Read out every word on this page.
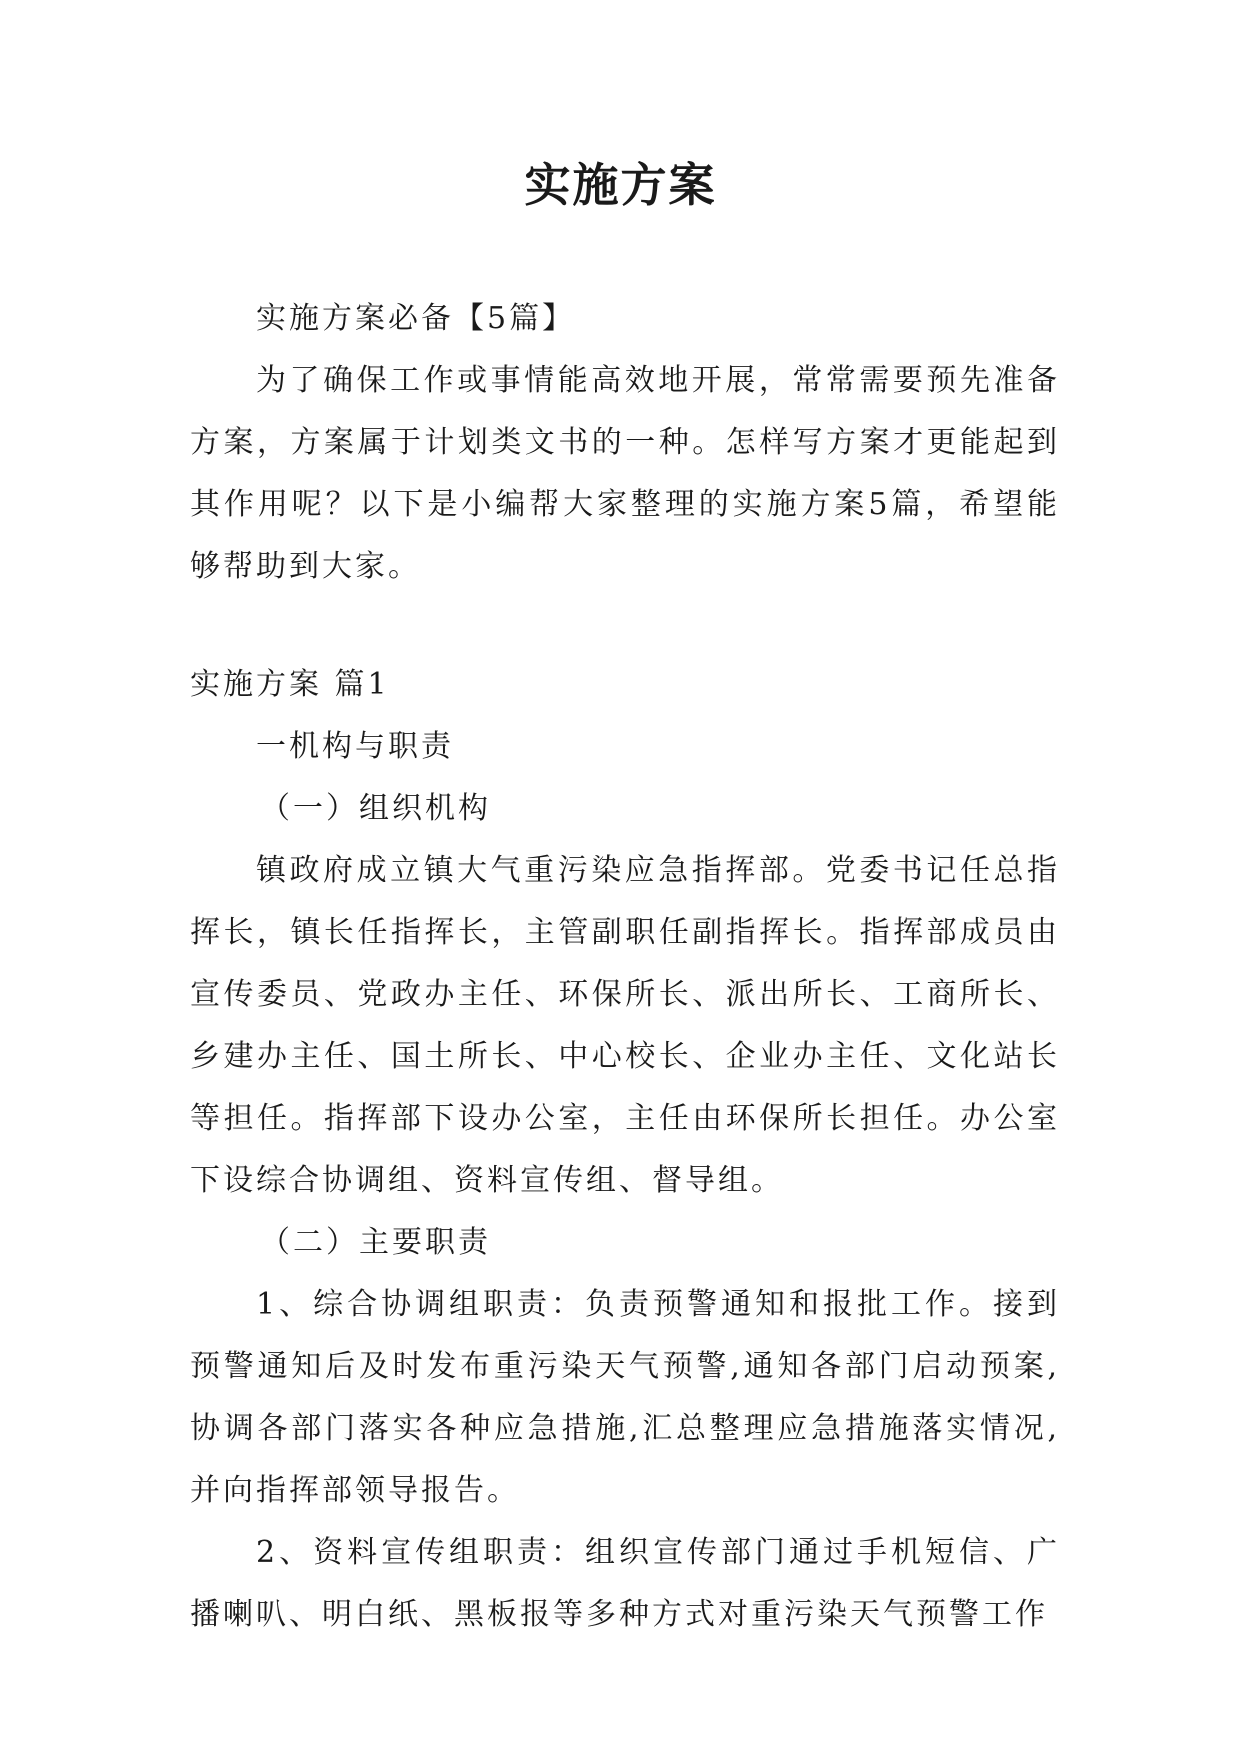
实施方案

实施方案必备【5篇】

为了确保工作或事情能高效地开展，常常需要预先准备方案，方案属于计划类文书的一种。怎样写方案才更能起到其作用呢？以下是小编帮大家整理的实施方案5篇，希望能够帮助到大家。

实施方案 篇1

一机构与职责

（一）组织机构

镇政府成立镇大气重污染应急指挥部。党委书记任总指挥长，镇长任指挥长，主管副职任副指挥长。指挥部成员由宣传委员、党政办主任、环保所长、派出所长、工商所长、乡建办主任、国土所长、中心校长、企业办主任、文化站长等担任。指挥部下设办公室，主任由环保所长担任。办公室下设综合协调组、资料宣传组、督导组。

（二）主要职责

1、综合协调组职责：负责预警通知和报批工作。接到预警通知后及时发布重污染天气预警,通知各部门启动预案,协调各部门落实各种应急措施,汇总整理应急措施落实情况,并向指挥部领导报告。

2、资料宣传组职责：组织宣传部门通过手机短信、广播喇叭、明白纸、黑板报等多种方式对重污染天气预警工作
